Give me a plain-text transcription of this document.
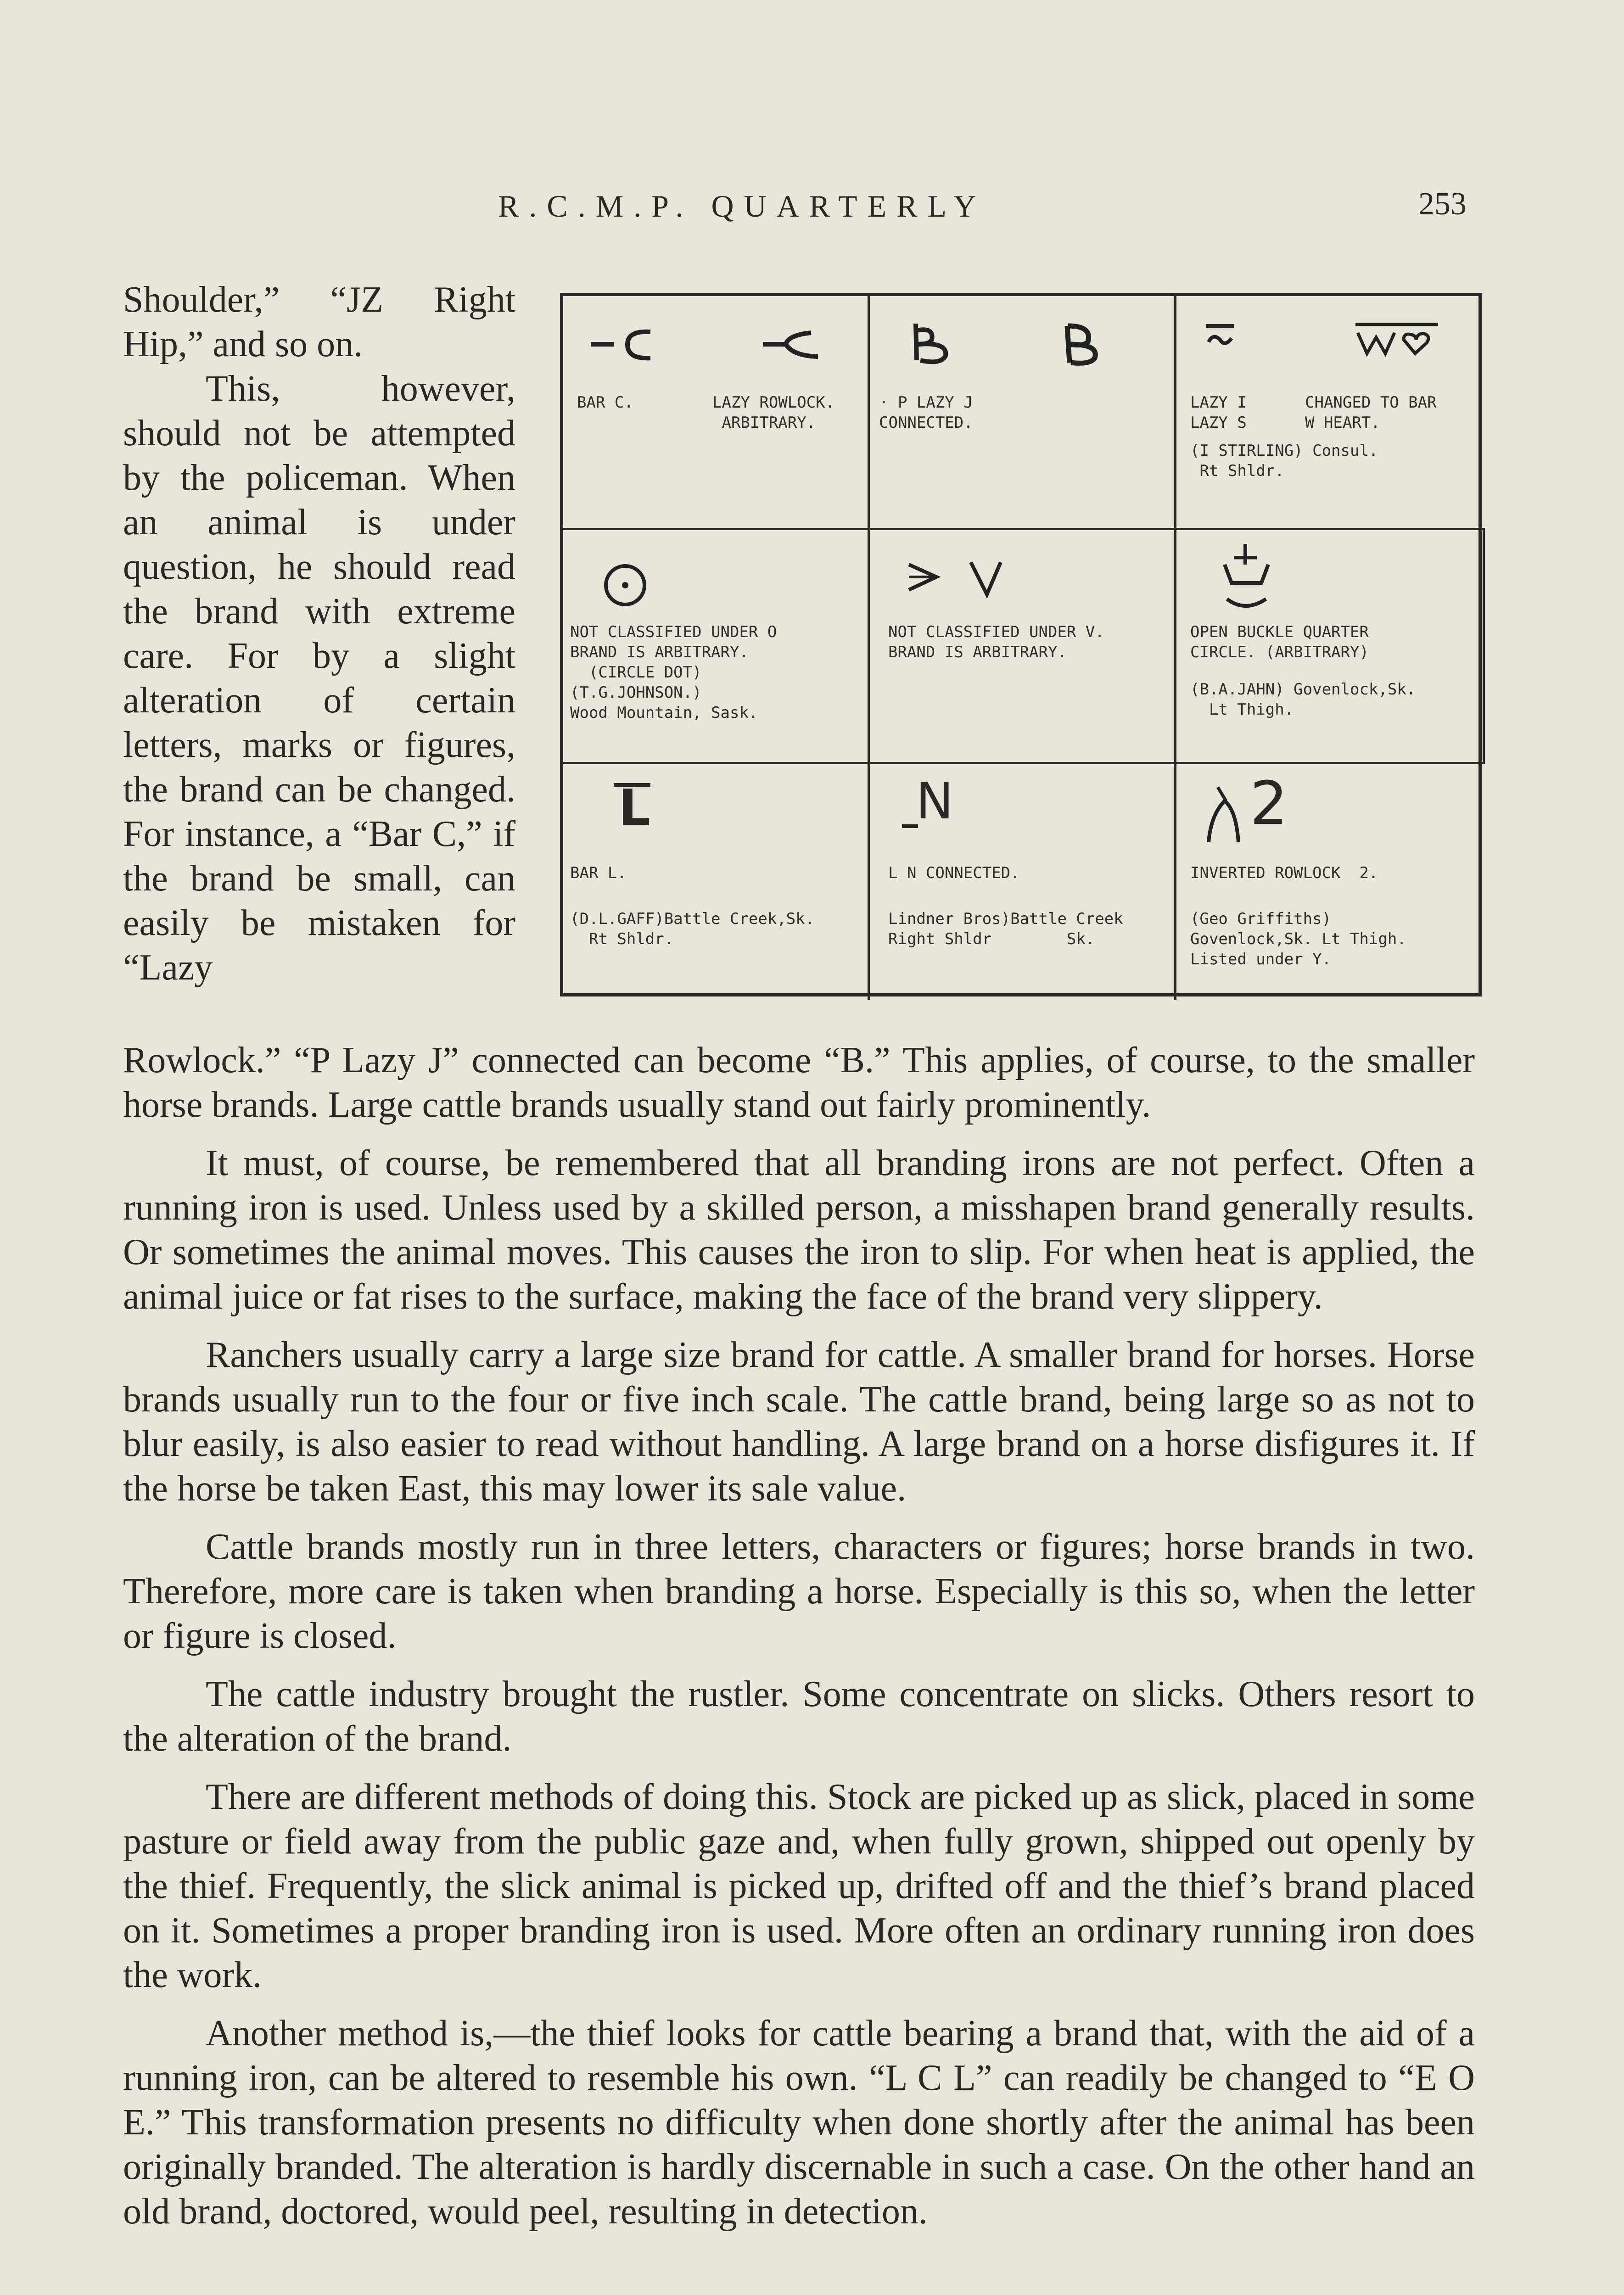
R.C.M.P. QUARTERLY	253

Shoulder,” “JZ Right Hip,” and so on.

This, however, should not be attempted by the policeman. When an animal is under question, he should read the brand with extreme care. For by a slight alteration of certain letters, marks or figures, the brand can be changed. For instance, a “Bar C,” if the brand be small, can easily be mistaken for “Lazy

BAR C.	LAZY ROWLOCK.
ARBITRARY.
· P LAZY J
CONNECTED.
LAZY I
LAZY S
CHANGED TO BAR
W HEART.
(I STIRLING) Consul.
Rt Shldr.
NOT CLASSIFIED UNDER O
BRAND IS ARBITRARY.
(CIRCLE DOT)
(T.G.JOHNSON.)
Wood Mountain, Sask.
NOT CLASSIFIED UNDER V.
BRAND IS ARBITRARY.
OPEN BUCKLE QUARTER
CIRCLE. (ARBITRARY)
(B.A.JAHN) Govenlock,Sk.
Lt Thigh.
L
BAR L.
(D.L.GAFF)Battle Creek,Sk.
Rt Shldr.
N
L N CONNECTED.
Lindner Bros)Battle Creek
Right Shldr        Sk.
2
INVERTED ROWLOCK  2.
(Geo Griffiths)
Govenlock,Sk. Lt Thigh.
Listed under Y.

Rowlock.” “P Lazy J” connected can become “B.” This applies, of course, to the smaller horse brands. Large cattle brands usually stand out fairly prominently.

It must, of course, be remembered that all branding irons are not perfect. Often a running iron is used. Unless used by a skilled person, a misshapen brand generally results. Or sometimes the animal moves. This causes the iron to slip. For when heat is applied, the animal juice or fat rises to the surface, making the face of the brand very slippery.

Ranchers usually carry a large size brand for cattle. A smaller brand for horses. Horse brands usually run to the four or five inch scale. The cattle brand, being large so as not to blur easily, is also easier to read without handling. A large brand on a horse disfigures it. If the horse be taken East, this may lower its sale value.

Cattle brands mostly run in three letters, characters or figures; horse brands in two. Therefore, more care is taken when branding a horse. Especially is this so, when the letter or figure is closed.

The cattle industry brought the rustler. Some concentrate on slicks. Others resort to the alteration of the brand.

There are different methods of doing this. Stock are picked up as slick, placed in some pasture or field away from the public gaze and, when fully grown, shipped out openly by the thief. Frequently, the slick animal is picked up, drifted off and the thief’s brand placed on it. Sometimes a proper branding iron is used. More often an ordinary running iron does the work.

Another method is,—the thief looks for cattle bearing a brand that, with the aid of a running iron, can be altered to resemble his own. “L C L” can readily be changed to “E O E.” This transformation presents no difficulty when done shortly after the animal has been originally branded. The alteration is hardly discernable in such a case. On the other hand an old brand, doctored, would peel, resulting in detection.
